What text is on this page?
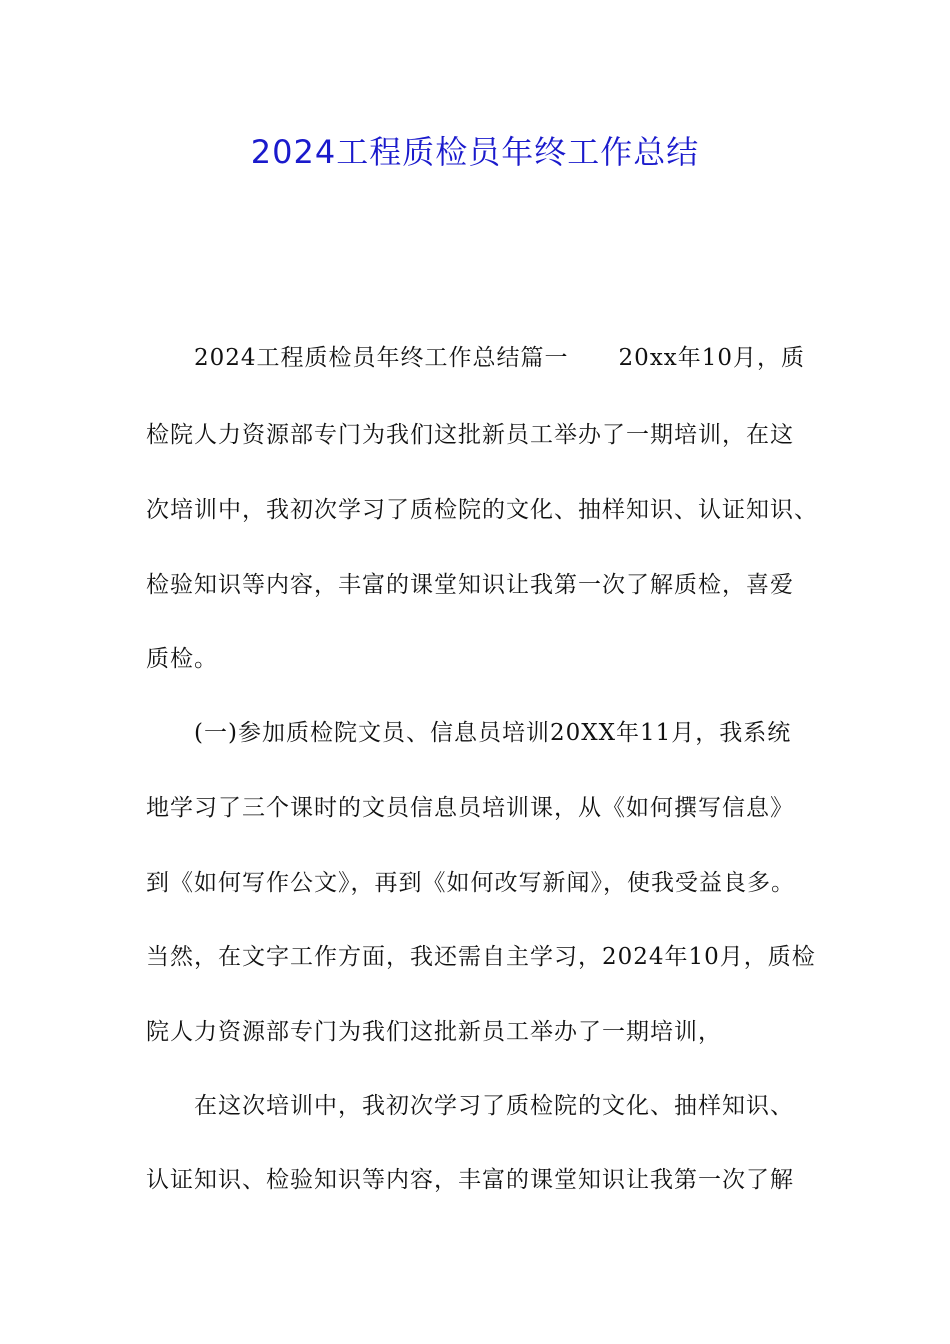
2024工程质检员年终工作总结

2024工程质检员年终工作总结篇一 20xx年10月，质

检院人力资源部专门为我们这批新员工举办了一期培训，在这

次培训中，我初次学习了质检院的文化、抽样知识、认证知识、

检验知识等内容，丰富的课堂知识让我第一次了解质检，喜爱

质检。

(一)参加质检院文员、信息员培训20XX年11月，我系统

地学习了三个课时的文员信息员培训课，从《如何撰写信息》

到《如何写作公文》，再到《如何改写新闻》，使我受益良多。

当然，在文字工作方面，我还需自主学习，2024年10月，质检

院人力资源部专门为我们这批新员工举办了一期培训，

在这次培训中，我初次学习了质检院的文化、抽样知识、

认证知识、检验知识等内容，丰富的课堂知识让我第一次了解
